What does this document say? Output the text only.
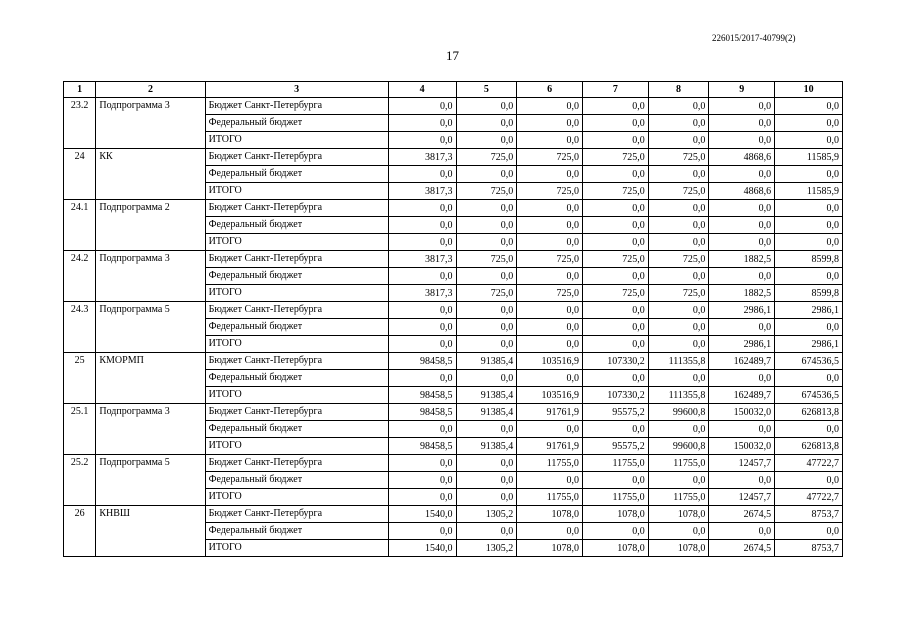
226015/2017-40799(2)
17
1	2	3	4	5	6	7	8	9	10
23.2	Подпрограмма 3	Бюджет Санкт-Петербурга	0,0	0,0	0,0	0,0	0,0	0,0	0,0
		Федеральный бюджет	0,0	0,0	0,0	0,0	0,0	0,0	0,0
		ИТОГО	0,0	0,0	0,0	0,0	0,0	0,0	0,0
24	КК	Бюджет Санкт-Петербурга	3817,3	725,0	725,0	725,0	725,0	4868,6	11585,9
		Федеральный бюджет	0,0	0,0	0,0	0,0	0,0	0,0	0,0
		ИТОГО	3817,3	725,0	725,0	725,0	725,0	4868,6	11585,9
24.1	Подпрограмма 2	Бюджет Санкт-Петербурга	0,0	0,0	0,0	0,0	0,0	0,0	0,0
		Федеральный бюджет	0,0	0,0	0,0	0,0	0,0	0,0	0,0
		ИТОГО	0,0	0,0	0,0	0,0	0,0	0,0	0,0
24.2	Подпрограмма 3	Бюджет Санкт-Петербурга	3817,3	725,0	725,0	725,0	725,0	1882,5	8599,8
		Федеральный бюджет	0,0	0,0	0,0	0,0	0,0	0,0	0,0
		ИТОГО	3817,3	725,0	725,0	725,0	725,0	1882,5	8599,8
24.3	Подпрограмма 5	Бюджет Санкт-Петербурга	0,0	0,0	0,0	0,0	0,0	2986,1	2986,1
		Федеральный бюджет	0,0	0,0	0,0	0,0	0,0	0,0	0,0
		ИТОГО	0,0	0,0	0,0	0,0	0,0	2986,1	2986,1
25	КМОРМП	Бюджет Санкт-Петербурга	98458,5	91385,4	103516,9	107330,2	111355,8	162489,7	674536,5
		Федеральный бюджет	0,0	0,0	0,0	0,0	0,0	0,0	0,0
		ИТОГО	98458,5	91385,4	103516,9	107330,2	111355,8	162489,7	674536,5
25.1	Подпрограмма 3	Бюджет Санкт-Петербурга	98458,5	91385,4	91761,9	95575,2	99600,8	150032,0	626813,8
		Федеральный бюджет	0,0	0,0	0,0	0,0	0,0	0,0	0,0
		ИТОГО	98458,5	91385,4	91761,9	95575,2	99600,8	150032,0	626813,8
25.2	Подпрограмма 5	Бюджет Санкт-Петербурга	0,0	0,0	11755,0	11755,0	11755,0	12457,7	47722,7
		Федеральный бюджет	0,0	0,0	0,0	0,0	0,0	0,0	0,0
		ИТОГО	0,0	0,0	11755,0	11755,0	11755,0	12457,7	47722,7
26	КНВШ	Бюджет Санкт-Петербурга	1540,0	1305,2	1078,0	1078,0	1078,0	2674,5	8753,7
		Федеральный бюджет	0,0	0,0	0,0	0,0	0,0	0,0	0,0
		ИТОГО	1540,0	1305,2	1078,0	1078,0	1078,0	2674,5	8753,7
